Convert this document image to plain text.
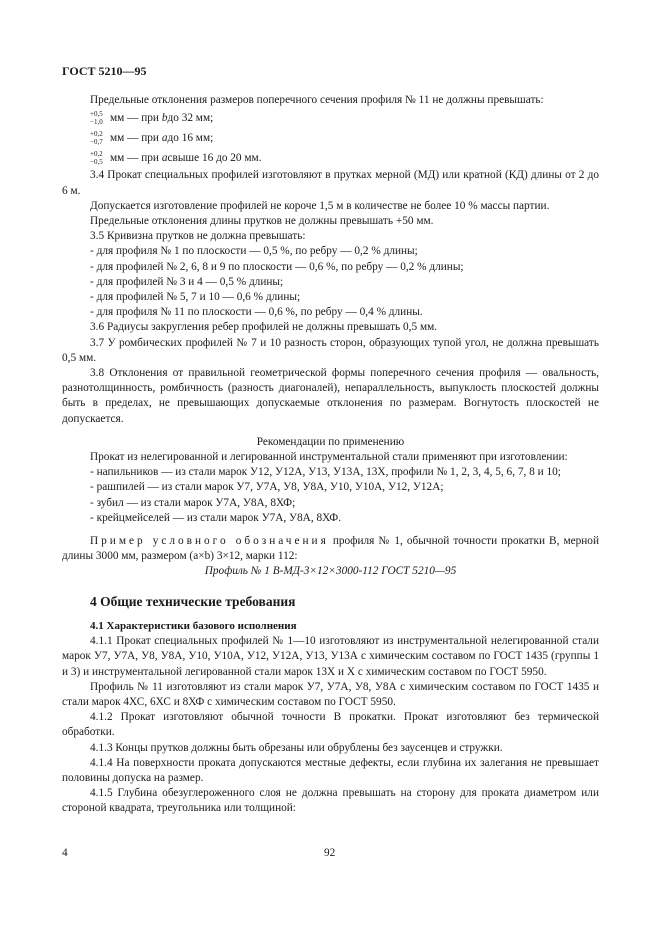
ГОСТ 5210—95

Предельные отклонения размеров поперечного сечения профиля № 11 не должны превышать:

+0,5
−1,0 мм — при
b до 32 мм;
+0,2
−0,7 мм — при
a до 16 мм;
+0,2
−0,5 мм — при
a свыше 16 до 20 мм.

3.4 Прокат специальных профилей изготовляют в прутках мерной (МД) или кратной (КД) длины от 2 до 6 м.

Допускается изготовление профилей не короче 1,5 м в количестве не более 10 % массы партии.

Предельные отклонения длины прутков не должны превышать +50 мм.

3.5 Кривизна прутков не должна превышать:

- для профиля № 1 по плоскости — 0,5 %, по ребру — 0,2 % длины;

- для профилей № 2, 6, 8 и 9 по плоскости — 0,6 %, по ребру — 0,2 % длины;

- для профилей № 3 и 4 — 0,5 % длины;

- для профилей № 5, 7 и 10 — 0,6 % длины;

- для профиля № 11 по плоскости — 0,6 %, по ребру — 0,4 % длины.

3.6 Радиусы закругления ребер профилей не должны превышать 0,5 мм.

3.7 У ромбических профилей № 7 и 10 разность сторон, образующих тупой угол, не должна превышать 0,5 мм.

3.8 Отклонения от правильной геометрической формы поперечного сечения профиля — овальность, разнотолщинность, ромбичность (разность диагоналей), непараллельность, выпуклость плоскостей должны быть в пределах, не превышающих допускаемые отклонения по размерам. Вогнутость плоскостей не допускается.

Рекомендации по применению

Прокат из нелегированной и легированной инструментальной стали применяют при изготовлении:

- напильников — из стали марок У12, У12А, У13, У13А, 13Х, профили № 1, 2, 3, 4, 5, 6, 7, 8 и 10;

- рашпилей — из стали марок У7, У7А, У8, У8А, У10, У10А, У12, У12А;

- зубил — из стали марок У7А, У8А, 8ХФ;

- крейцмейселей — из стали марок У7А, У8А, 8ХФ.

Пример условного обозначения профиля № 1, обычной точности прокатки В, мерной длины 3000 мм, размером (a×b) 3×12, марки 112:

Профиль № 1 В-МД-3×12×3000-112 ГОСТ 5210—95

4 Общие технические требования
4.1 Характеристики базового исполнения

4.1.1 Прокат специальных профилей № 1—10 изготовляют из инструментальной нелегированной стали марок У7, У7А, У8, У8А, У10, У10А, У12, У12А, У13, У13А с химическим составом по ГОСТ 1435 (группы 1 и 3) и инструментальной легированной стали марок 13Х и Х с химическим составом по ГОСТ 5950.

Профиль № 11 изготовляют из стали марок У7, У7А, У8, У8А с химическим составом по ГОСТ 1435 и стали марок 4ХС, 6ХС и 8ХФ с химическим составом по ГОСТ 5950.

4.1.2 Прокат изготовляют обычной точности В прокатки. Прокат изготовляют без термической обработки.

4.1.3 Концы прутков должны быть обрезаны или обрублены без заусенцев и стружки.

4.1.4 На поверхности проката допускаются местные дефекты, если глубина их залегания не превышает половины допуска на размер.

4.1.5 Глубина обезуглероженного слоя не должна превышать на сторону для проката диаметром или стороной квадрата, треугольника или толщиной:

4	92
